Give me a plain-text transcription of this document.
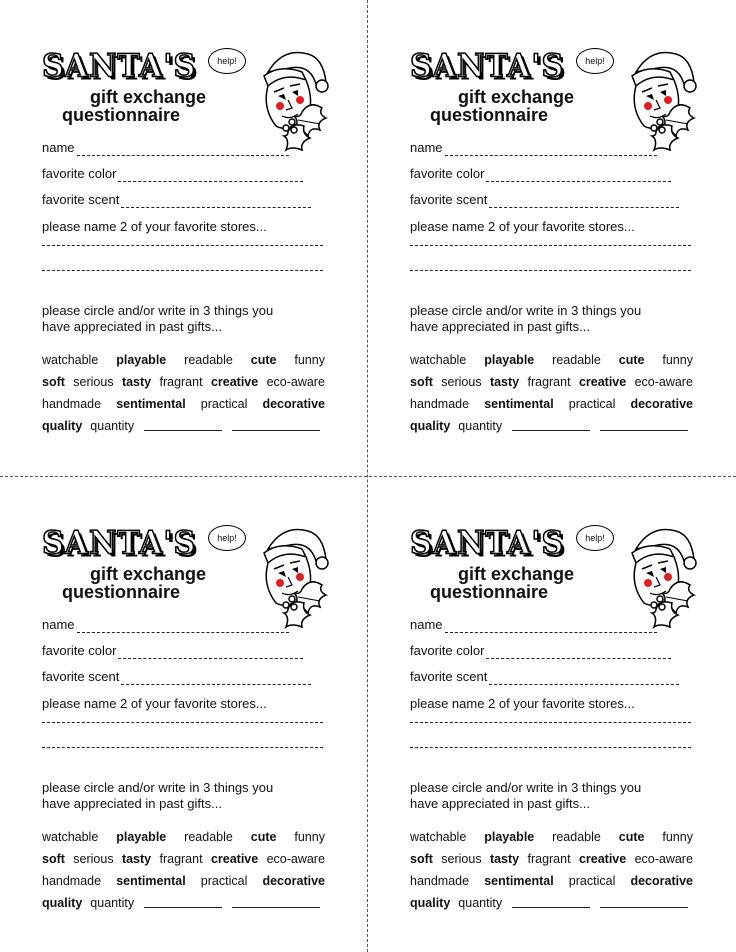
SANTA'S
gift exchange
questionnaire
help!
name
favorite color
favorite scent
please name 2 of your favorite stores...
please circle and/or write in 3 things you
have appreciated in past gifts...
watchable playable readable cute funny
soft serious tasty fragrant creative eco-aware
handmade sentimental practical decorative
quality quantity
SANTA'S
gift exchange
questionnaire
help!
name
favorite color
favorite scent
please name 2 of your favorite stores...
please circle and/or write in 3 things you
have appreciated in past gifts...
watchable playable readable cute funny
soft serious tasty fragrant creative eco-aware
handmade sentimental practical decorative
quality quantity
SANTA'S
gift exchange
questionnaire
help!
name
favorite color
favorite scent
please name 2 of your favorite stores...
please circle and/or write in 3 things you
have appreciated in past gifts...
watchable playable readable cute funny
soft serious tasty fragrant creative eco-aware
handmade sentimental practical decorative
quality quantity
SANTA'S
gift exchange
questionnaire
help!
name
favorite color
favorite scent
please name 2 of your favorite stores...
please circle and/or write in 3 things you
have appreciated in past gifts...
watchable playable readable cute funny
soft serious tasty fragrant creative eco-aware
handmade sentimental practical decorative
quality quantity
